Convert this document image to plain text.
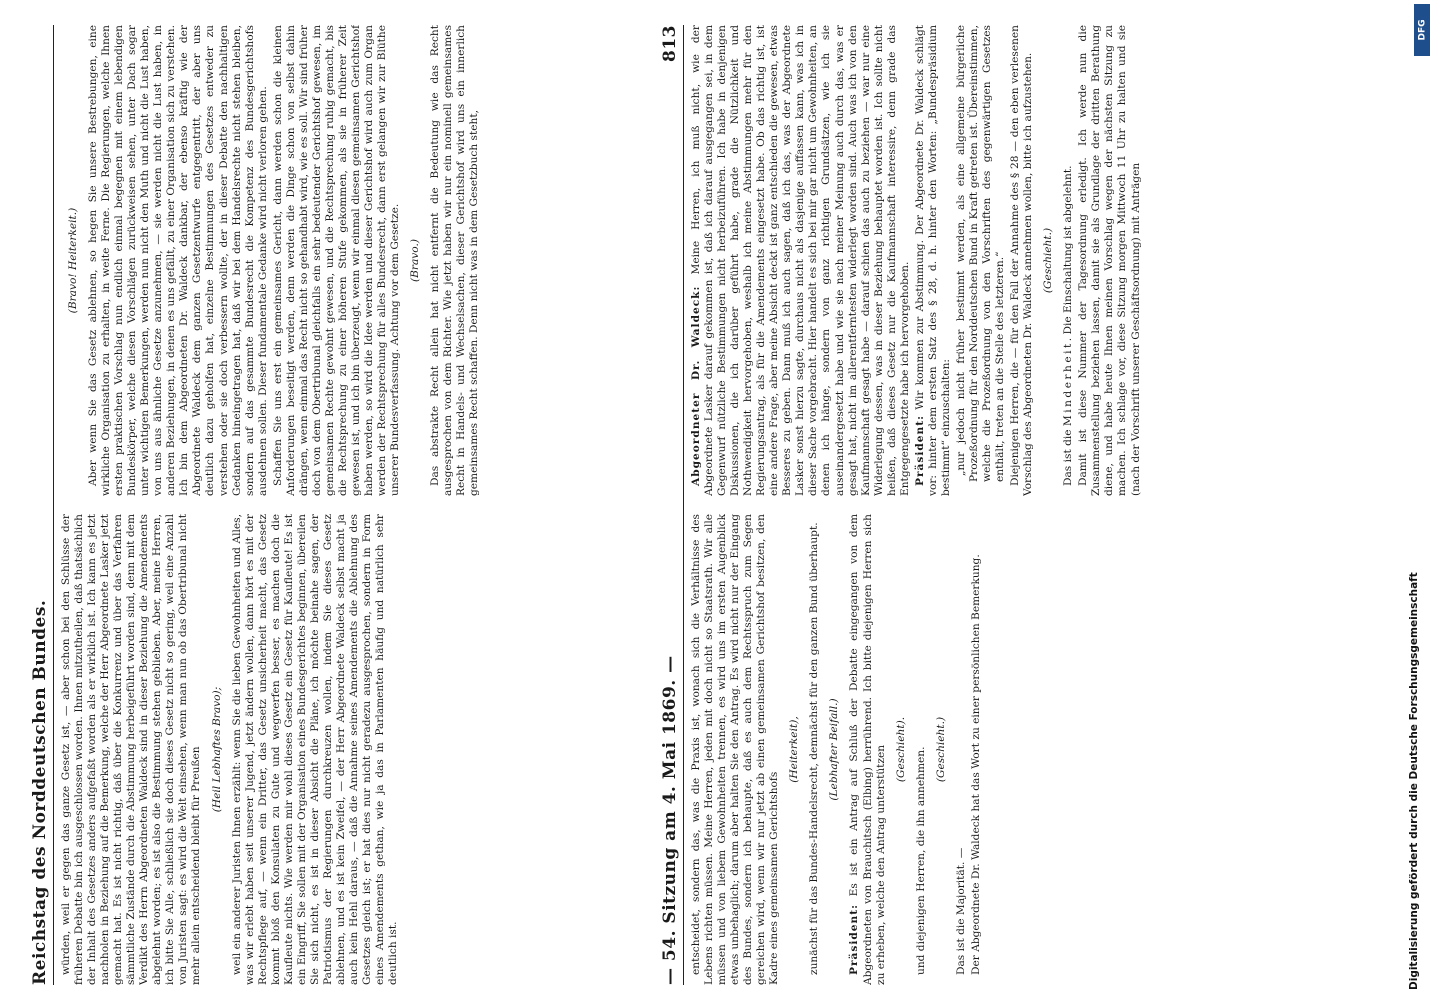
Reichstag des Norddeutschen Bundes. würden, weil er gegen das ganze Gesetz ist, — aber schon bei den Schlüsse der früheren Debatte bin ich ausgeschlossen worden. Ihnen mitzutheilen, daß thatsächlich der Inhalt des Gesetzes anders aufgefaßt worden als er wirklich ist. Ich kann es jetzt nachholen in Beziehung auf die Bemerkung, welche der Herr Abgeordnete Lasker jetzt gemacht hat. Es ist nicht richtig, daß über die Konkurrenz und über das Verfahren sämmtliche Zustände durch die Abstimmung herbeigeführt worden sind, denn mit dem Verdikt des Herrn Abgeordneten Waldeck sind in dieser Beziehung die Amendements abgelehnt worden; es ist also die Bestimmung stehen geblieben. Aber, meine Herren, ich bitte Sie Alle, schließlich sie doch dieses Gesetz nicht so gering, weil eine Anzahl von Juristen sagt: es wird die Welt einsehen, wenn man nun ob das Obertribunal nicht mehr allein entscheidend bleibt für Preußen (Heil Lebhaftes Bravo); weil ein anderer Juristen Ihnen erzählt: wenn Sie die lieben Gewohnheiten und Alles, was wir erlebt haben seit unserer Jugend, jetzt ändern wollen, dann hört es mit der Rechtspflege auf, — wenn ein Dritter, das Gesetz unsicherheit macht, das Gesetz kommt bloß den Konsulaten zu Gute und wegwerfen besser, es machen doch die Kaufleute nichts. Wie werden mir wohl dieses Gesetz ein Gesetz für Kaufleute! Es ist ein Eingriff, Sie sollen mit der Organisation eines Bundesgerichtes beginnen, übereilen Sie sich nicht, es ist in dieser Absicht die Pläne, ich möchte beinahe sagen, der Patriotismus der Regierungen durchkreuzen wollen, indem Sie dieses Gesetz ablehnen, und es ist kein Zweifel, — der Herr Abgeordnete Waldeck selbst macht ja auch kein Hehl daraus, — daß die Annahme seines Amendements die Ablehnung des Gesetzes gleich ist; er hat dies nur nicht geradezu ausgesprochen, sondern in Form eines Amendements gethan, wie ja das in Parlamenten häufig und natürlich sehr deutlich ist.

(Bravo! Heiterkeit.) Aber wenn Sie das Gesetz ablehnen, so hegen Sie unsere Bestrebungen, eine wirkliche Organisation zu erhalten, in weite Ferne. Die Regierungen, welche Ihnen ersten praktischen Vorschlag nun endlich einmal begegnen mit einem lebendigen Bundeskörper, welche diesen Vorschlägen zurückweisen sehen, unter Dach sogar unter wichtigen Bemerkungen, werden nun nicht den Muth und nicht die Lust haben, von uns aus ähnliche Gesetze anzunehmen, — sie werden nicht die Lust haben, in anderen Beziehungen, in denen es uns gefällt, zu einer Organisation sich zu verstehen. Ich bin dem Abgeordneten Dr. Waldeck dankbar, der ebenso kräftig wie der Abgeordnete Waldeck dem ganzen Gesetzentwurfe entgegentritt, der aber uns deutlich dazu geholfen hat, einzelne Bestimmungen des Gesetzes entweder zu verstehen oder sie doch verbessern wollte, der in dieser Debatte den nachhaltigen Gedanken hineingetragen hat, daß wir bei dem Handelsrechte nicht stehen bleiben, sondern auf das gesammte Bundesrecht die Kompetenz des Bundesgerichtshofs ausdehnen sollen. Dieser fundamentale Gedanke wird nicht verloren gehen. Schaffen Sie uns erst ein gemeinsames Gericht, dann werden schon die kleinen Anforderungen beseitigt werden, denn werden die Dinge schon von selbst dahin drängen, wenn einmal das Recht nicht so gehandhabt wird, wie es soll. Wir sind früher doch von dem Obertribunal gleichfalls ein sehr bedeutender Gerichtshof gewesen, im gemeinsamen Rechte gewohnt gewesen, und die Rechtsprechung ruhig gemacht, bis die Rechtsprechung zu einer höheren Stufe gekommen, als sie in früherer Zeit gewesen ist, und ich bin überzeugt, wenn wir einmal diesen gemeinsamen Gerichtshof haben werden, so wird die Idee werden und dieser Gerichtshof wird auch zum Organ werden der Rechtsprechung für alles Bundesrecht, dann erst gelangen wir zur Blüthe unserer Bundesverfassung. Achtung vor dem Gesetze. (Bravo.) Das abstrakte Recht allein hat nicht entfernt die Bedeutung wie das Recht ausgesprochen von dem Richter. Wie jetzt haben wir nur ein nominell gemeinsames Recht in Handels- und Wechselsachen, dieser Gerichtshof wird uns ein innerlich gemeinsames Recht schaffen. Denn nicht was in dem Gesetzbuch steht,

— 54. Sitzung am 4. Mai 1869. —
813

entscheidet, sondern das, was die Praxis ist, wonach sich die Verhältnisse des Lebens richten müssen. Meine Herren, jeden mit doch nicht so Staatsrath. Wir alle müssen und von liebem Gewohnheiten trennen, es wird uns im ersten Augenblick etwas unbehaglich; darum aber halten Sie den Antrag. Es wird nicht nur der Eingang des Bundes, sondern ich behaupte, daß es auch dem Rechtsspruch zum Segen gereichen wird, wenn wir nur jetzt ab einen gemeinsamen Gerichtshof besitzen, den Kadre eines gemeinsamen Gerichtshofs

(Heiterkeit), zunächst für das Bundes-Handelsrecht, demnächst für den ganzen Bund überhaupt. (Lebhafter Beifall.)

Präsident: Es ist ein Antrag auf Schluß der Debatte eingegangen von dem Abgeordneten von Brauchitsch (Elbing) herrührend. Ich bitte diejenigen Herren sich zu erheben, welche den Antrag unterstützen (Geschieht). und diejenigen Herren, die ihn annehmen. (Geschieht.)

Das ist die Majorität. — Der Abgeordnete Dr. Waldeck hat das Wort zu einer persönlichen Bemerkung.

Abgeordneter Dr. Waldeck: Meine Herren, ich muß nicht, wie der Abgeordnete Lasker darauf gekommen ist, daß ich darauf ausgegangen sei, in dem Gegenwurf nützliche Bestimmungen nicht herbeizuführen. Ich habe in denjenigen Diskussionen, die ich darüber geführt habe, grade die Nützlichkeit und Nothwendigkeit hervorgehoben, weshalb ich meine Abstimmungen mehr für den Regierungsantrag, als für die Amendements eingesetzt habe. Ob das richtig ist, ist eine andere Frage, aber meine Absicht deckt ist ganz entschieden die gewesen, etwas Besseres zu geben. Dann muß ich auch sagen, daß ich das, was der Abgeordnete Lasker sonst hierzu sagte, durchaus nicht als dasjenige auffassen kann, was ich in dieser Sache vorgebracht. Hier handelt es sich bei mir gar nicht um Gewohnheiten, an denen ich hänge, sondern von ganz richtigen Grundsätzen, wie ich sie auseinandergesetzt habe und wie sie nach meiner Meinung auch durch das, was er gesagt hat, nicht im allerentferntesten widerlegt worden sind. Auch was ich von den Kaufmannschaft gesagt habe — darauf schien das auch zu beziehen — war nur eine Widerlegung dessen, was in dieser Beziehung behauptet worden ist. Ich sollte nicht heißen, daß dieses Gesetz nur die Kaufmannschaft interessire, denn grade das Entgegengesetzte habe ich hervorgehoben. Präsident: Wir kommen zur Abstimmung. Der Abgeordnete Dr. Waldeck schlägt vor: hinter dem ersten Satz des § 28, d. h. hinter den Worten: „Bundespräsidium bestimmt“ einzuschalten: „nur jedoch nicht früher bestimmt werden, als eine allgemeine bürgerliche Prozeßordnung für den Norddeutschen Bund in Kraft getreten ist. Übereinstimmen, welche die Prozeßordnung von den Vorschriften des gegenwärtigen Gesetzes enthält, treten an die Stelle des letzteren.“ Diejenigen Herren, die — für den Fall der Annahme des § 28 — den eben verlesenen Vorschlag des Abgeordneten Dr. Waldeck annehmen wollen, bitte ich aufzustehen. (Geschieht.)

Das ist die Minderheit. Die Einschaltung ist abgelehnt. Damit ist diese Nummer der Tagesordnung erledigt. Ich werde nun die Zusammenstellung beziehen lassen, damit sie als Grundlage der dritten Berathung diene, und habe heute Ihnen meinen Vorschlag wegen der nächsten Sitzung zu machen. Ich schlage vor, diese Sitzung morgen Mittwoch 11 Uhr zu halten und sie (nach der Vorschrift unserer Geschäftsordnung) mit Anträgen

Digitalisierung gefördert durch die Deutsche Forschungsgemeinschaft
DFG
